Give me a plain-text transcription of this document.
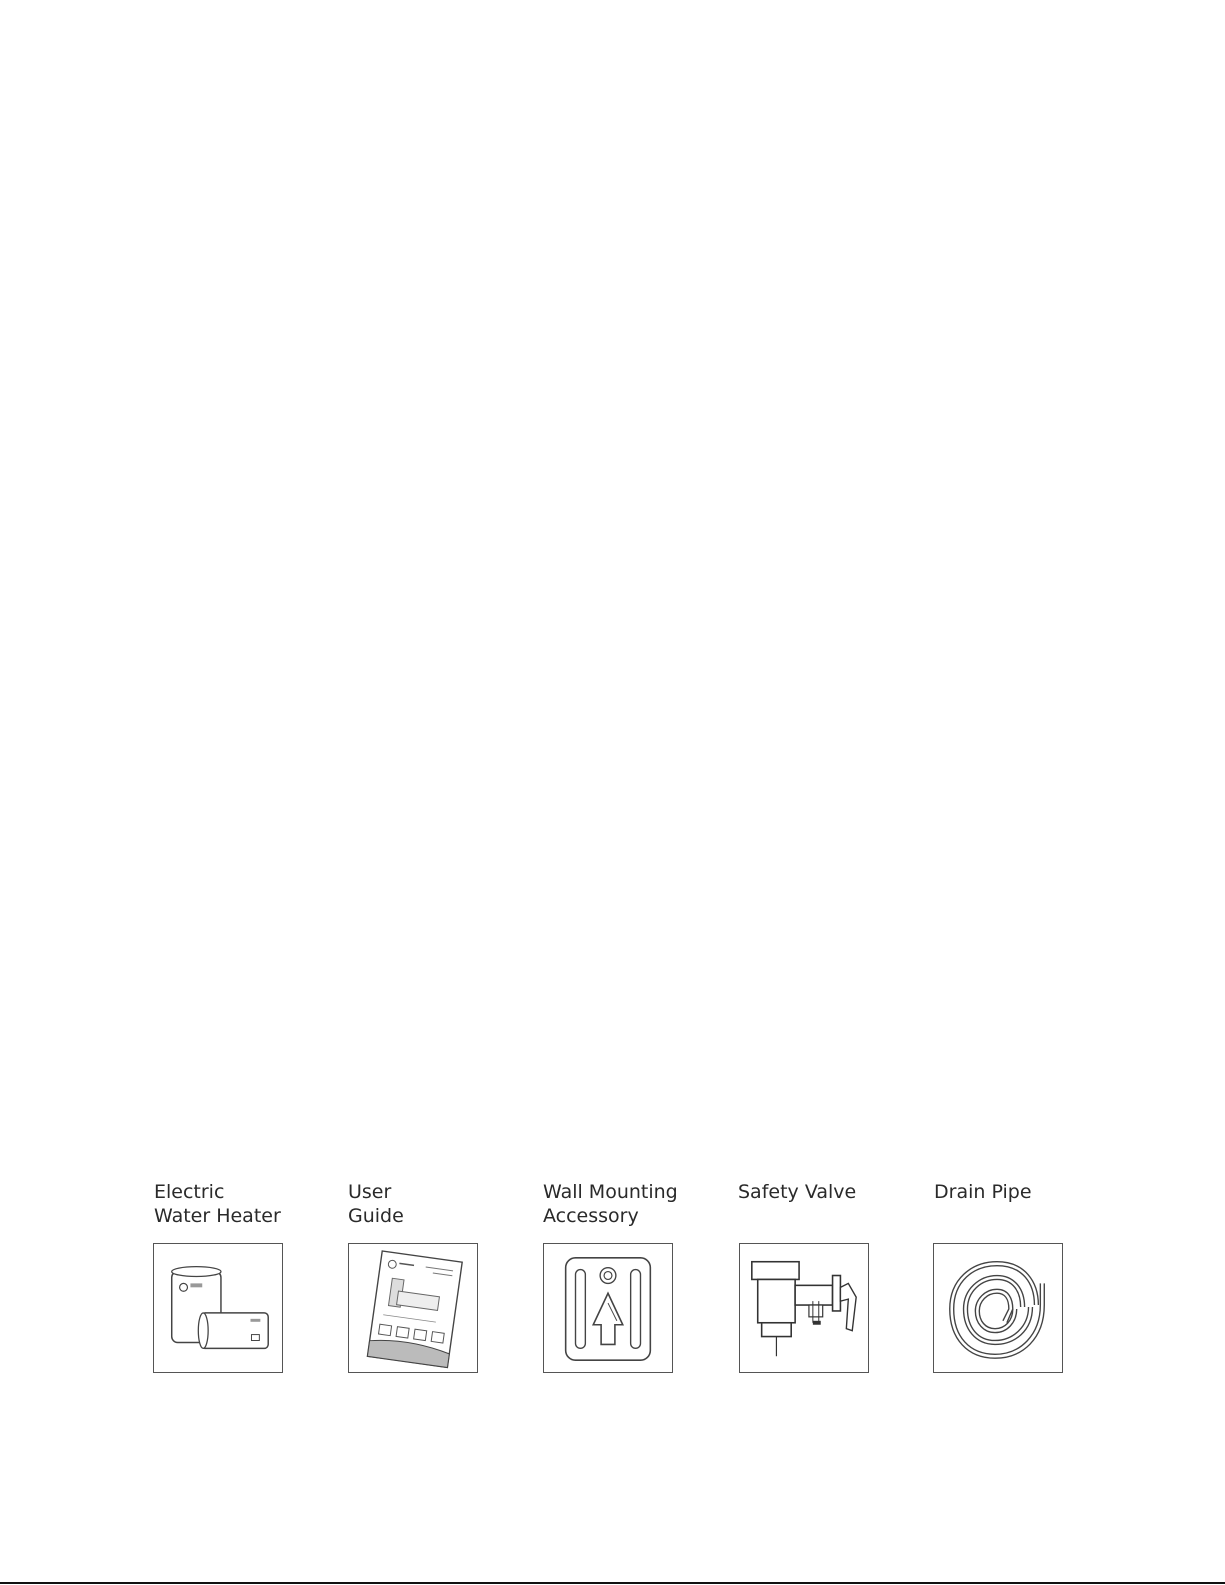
Electric
Water Heater

User
Guide

Wall Mounting
Accessory

Safety Valve	Drain Pipe
